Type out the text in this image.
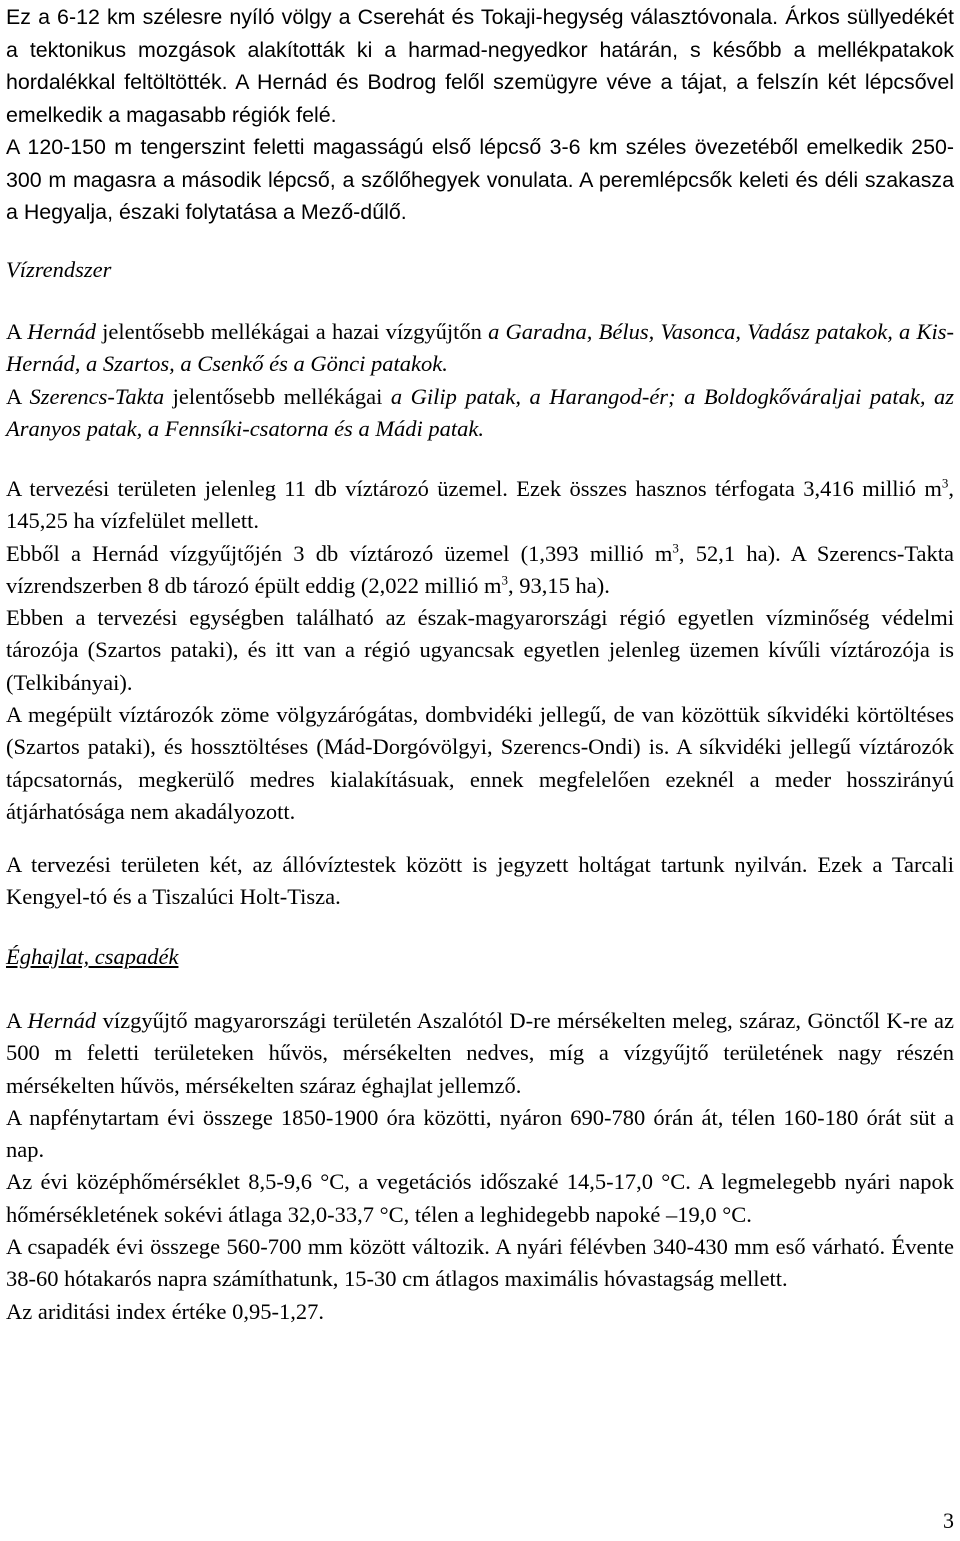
Ez a 6-12 km szélesre nyíló völgy a Cserehát és Tokaji-hegység választóvonala. Árkos süllyedékét a tektonikus mozgások alakították ki a harmad-negyedkor határán, s később a mellékpatakok hordalékkal feltöltötték. A Hernád és Bodrog felől szemügyre véve a tájat, a felszín két lépcsővel emelkedik a magasabb régiók felé.

A 120-150 m tengerszint feletti magasságú első lépcső 3-6 km széles övezetéből emelkedik 250-300 m magasra a második lépcső, a szőlőhegyek vonulata. A peremlépcsők keleti és déli szakasza a Hegyalja, északi folytatása a Mező-dűlő.

Vízrendszer

A Hernád jelentősebb mellékágai a hazai vízgyűjtőn a Garadna, Bélus, Vasonca, Vadász patakok, a Kis-Hernád, a Szartos, a Csenkő és a Gönci patakok.

A Szerencs-Takta jelentősebb mellékágai a Gilip patak, a Harangod-ér; a Boldogkőváraljai patak, az Aranyos patak, a Fennsíki-csatorna és a Mádi patak.

A tervezési területen jelenleg 11 db víztározó üzemel. Ezek összes hasznos térfogata 3,416 millió $m^3$, 145,25 ha vízfelület mellett.

Ebből a Hernád vízgyűjtőjén 3 db víztározó üzemel (1,393 millió $m^3$, 52,1 ha). A Szerencs-Takta vízrendszerben 8 db tározó épült eddig (2,022 millió $m^3$, 93,15 ha).

Ebben a tervezési egységben található az észak-magyarországi régió egyetlen vízminőség védelmi tározója (Szartos pataki), és itt van a régió ugyancsak egyetlen jelenleg üzemen kívűli víztározója is (Telkibányai).

A megépült víztározók zöme völgyzárógátas, dombvidéki jellegű, de van közöttük síkvidéki körtöltéses (Szartos pataki), és hossztöltéses (Mád-Dorgóvölgyi, Szerencs-Ondi) is. A síkvidéki jellegű víztározók tápcsatornás, megkerülő medres kialakításuak, ennek megfelelően ezeknél a meder hosszirányú átjárhatósága nem akadályozott.

A tervezési területen két, az állóvíztestek között is jegyzett holtágat tartunk nyilván. Ezek a Tarcali Kengyel-tó és a Tiszalúci Holt-Tisza.

Éghajlat, csapadék

A Hernád vízgyűjtő magyarországi területén Aszalótól D-re mérsékelten meleg, száraz, Gönctől K-re az 500 m feletti területeken hűvös, mérsékelten nedves, míg a vízgyűjtő területének nagy részén mérsékelten hűvös, mérsékelten száraz éghajlat jellemző.

A napfénytartam évi összege 1850-1900 óra közötti, nyáron 690-780 órán át, télen 160-180 órát süt a nap.

Az évi középhőmérséklet 8,5-9,6 °C, a vegetációs időszaké 14,5-17,0 °C. A legmelegebb nyári napok hőmérsékletének sokévi átlaga 32,0-33,7 °C, télen a leghidegebb napoké –19,0 °C.

A csapadék évi összege 560-700 mm között változik. A nyári félévben 340-430 mm eső várható. Évente 38-60 hótakarós napra számíthatunk, 15-30 cm átlagos maximális hóvastagság mellett.

Az ariditási index értéke 0,95-1,27.

3
